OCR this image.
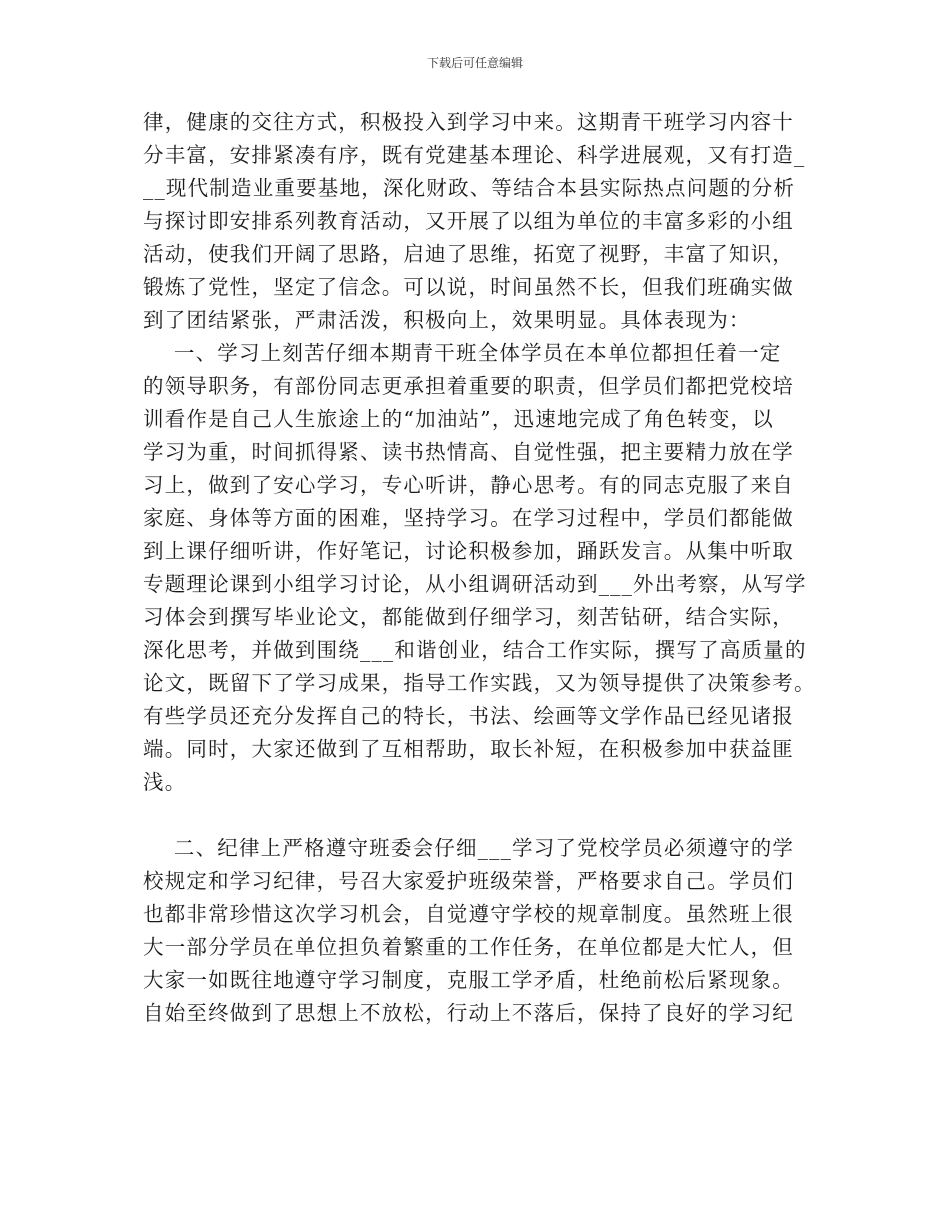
下载后可任意编辑
律，健康的交往方式，积极投入到学习中来。这期青干班学习内容十
分丰富，安排紧凑有序，既有党建基本理论、科学进展观，又有打造_
__现代制造业重要基地，深化财政、等结合本县实际热点问题的分析
与探讨即安排系列教育活动，又开展了以组为单位的丰富多彩的小组
活动，使我们开阔了思路，启迪了思维，拓宽了视野，丰富了知识，
锻炼了党性，坚定了信念。可以说，时间虽然不长，但我们班确实做
到了团结紧张，严肃活泼，积极向上，效果明显。具体表现为：
一、学习上刻苦仔细本期青干班全体学员在本单位都担任着一定
的领导职务，有部份同志更承担着重要的职责，但学员们都把党校培
训看作是自己人生旅途上的“加油站”，迅速地完成了角色转变，以
学习为重，时间抓得紧、读书热情高、自觉性强，把主要精力放在学
习上，做到了安心学习，专心听讲，静心思考。有的同志克服了来自
家庭、身体等方面的困难，坚持学习。在学习过程中，学员们都能做
到上课仔细听讲，作好笔记，讨论积极参加，踊跃发言。从集中听取
专题理论课到小组学习讨论，从小组调研活动到___外出考察，从写学
习体会到撰写毕业论文，都能做到仔细学习，刻苦钻研，结合实际，
深化思考，并做到围绕___和谐创业，结合工作实际，撰写了高质量的
论文，既留下了学习成果，指导工作实践，又为领导提供了决策参考。
有些学员还充分发挥自己的特长，书法、绘画等文学作品已经见诸报
端。同时，大家还做到了互相帮助，取长补短，在积极参加中获益匪
浅。
二、纪律上严格遵守班委会仔细___学习了党校学员必须遵守的学
校规定和学习纪律，号召大家爱护班级荣誉，严格要求自己。学员们
也都非常珍惜这次学习机会，自觉遵守学校的规章制度。虽然班上很
大一部分学员在单位担负着繁重的工作任务，在单位都是大忙人，但
大家一如既往地遵守学习制度，克服工学矛盾，杜绝前松后紧现象。
自始至终做到了思想上不放松，行动上不落后，保持了良好的学习纪
